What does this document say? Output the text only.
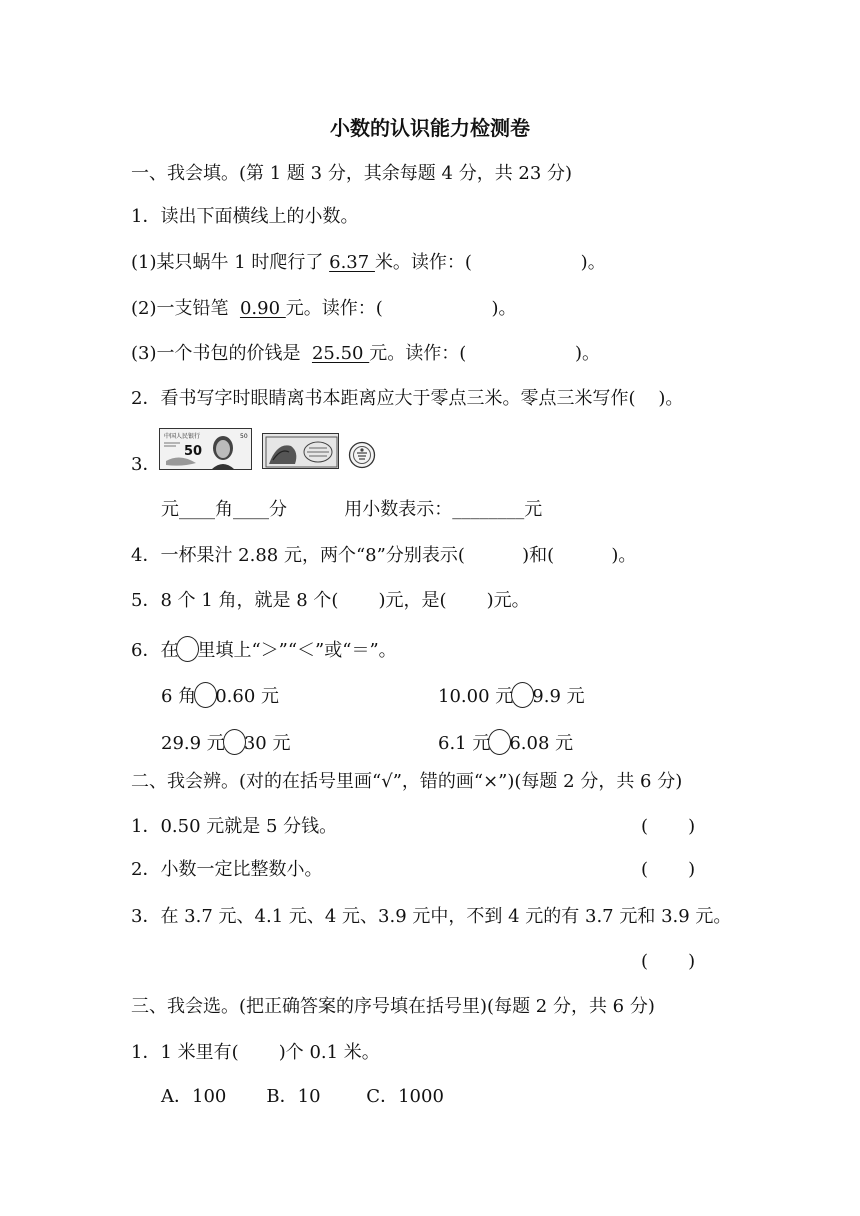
小数的认识能力检测卷
一、我会填。(第 1 题 3 分，其余每题 4 分，共 23 分)
1．读出下面横线上的小数。
(1)某只蜗牛 1 时爬行了 6.37 米。读作：(                   )。
(2)一支铅笔  0.90 元。读作：(                   )。
(3)一个书包的价钱是  25.50 元。读作：(                   )。
2．看书写字时眼睛离书本距离应大于零点三米。零点三米写作(    )。
3．
中国人民银行
50
50
元____角____分          用小数表示：________元
4．一杯果汁 2.88 元，两个“8”分别表示(          )和(          )。
5．8 个 1 角，就是 8 个(       )元，是(       )元。
6．在 里填上“＞”“＜”或“＝”。
6 角 0.60 元	10.00 元 9.9 元
29.9 元 30 元	6.1 元 6.08 元
二、我会辨。(对的在括号里画“√”，错的画“×”)(每题 2 分，共 6 分)
1．0.50 元就是 5 分钱。	(       )
2．小数一定比整数小。	(       )
3．在 3.7 元、4.1 元、4 元、3.9 元中，不到 4 元的有 3.7 元和 3.9 元。
(       )
三、我会选。(把正确答案的序号填在括号里)(每题 2 分，共 6 分)
1．1 米里有(       )个 0.1 米。
A．100       B．10        C．1000
